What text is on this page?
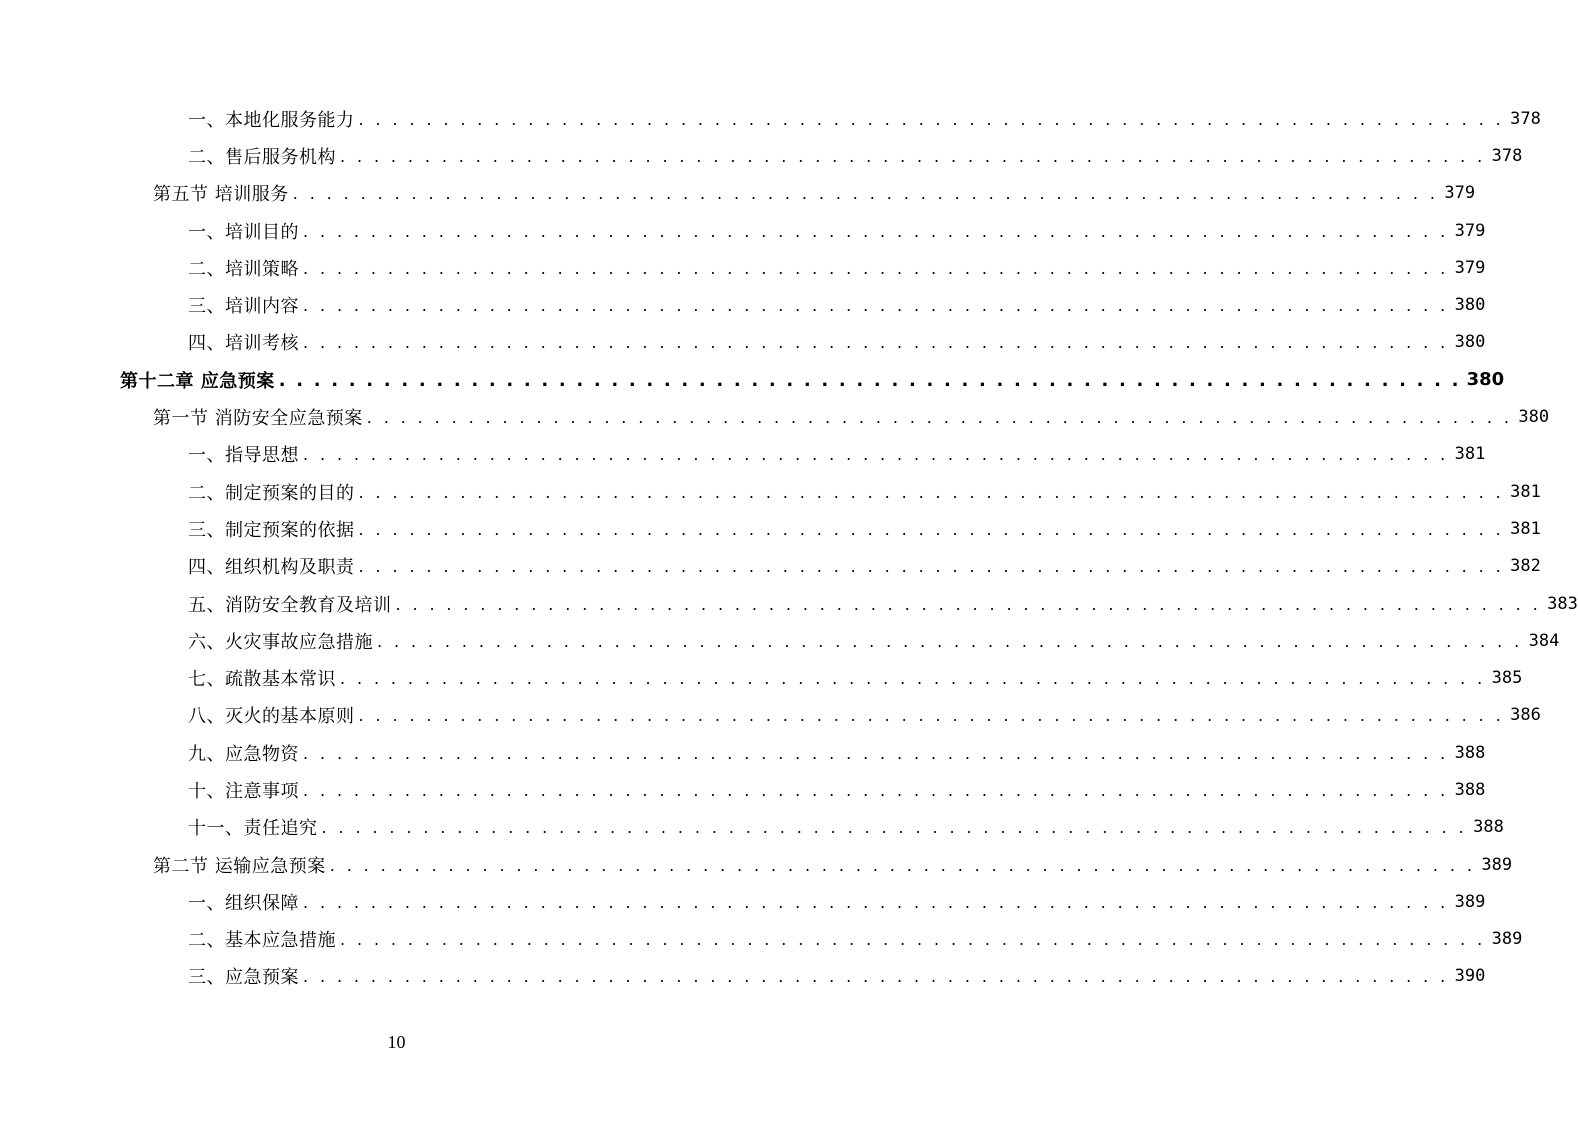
一、本地化服务能力 . . . . . . . . . . . . . . . . . . . . . . . . . . . . . . . . . . . . . . . . . . . . . . . . . . . . . . . . . . . . . . . . . . . . 378
二、售后服务机构 . . . . . . . . . . . . . . . . . . . . . . . . . . . . . . . . . . . . . . . . . . . . . . . . . . . . . . . . . . . . . . . . . . . . 378
第五节 培训服务 . . . . . . . . . . . . . . . . . . . . . . . . . . . . . . . . . . . . . . . . . . . . . . . . . . . . . . . . . . . . . . . . . . . . 379
一、培训目的 . . . . . . . . . . . . . . . . . . . . . . . . . . . . . . . . . . . . . . . . . . . . . . . . . . . . . . . . . . . . . . . . . . . . 379
二、培训策略 . . . . . . . . . . . . . . . . . . . . . . . . . . . . . . . . . . . . . . . . . . . . . . . . . . . . . . . . . . . . . . . . . . . . 379
三、培训内容 . . . . . . . . . . . . . . . . . . . . . . . . . . . . . . . . . . . . . . . . . . . . . . . . . . . . . . . . . . . . . . . . . . . . 380
四、培训考核 . . . . . . . . . . . . . . . . . . . . . . . . . . . . . . . . . . . . . . . . . . . . . . . . . . . . . . . . . . . . . . . . . . . . 380
第十二章 应急预案 . . . . . . . . . . . . . . . . . . . . . . . . . . . . . . . . . . . . . . . . . . . . . . . . . . . . . . . . . . . . . . . . . . . . 380
第一节 消防安全应急预案 . . . . . . . . . . . . . . . . . . . . . . . . . . . . . . . . . . . . . . . . . . . . . . . . . . . . . . . . . . . . . . . . . . . . 380
一、指导思想 . . . . . . . . . . . . . . . . . . . . . . . . . . . . . . . . . . . . . . . . . . . . . . . . . . . . . . . . . . . . . . . . . . . . 381
二、制定预案的目的 . . . . . . . . . . . . . . . . . . . . . . . . . . . . . . . . . . . . . . . . . . . . . . . . . . . . . . . . . . . . . . . . . . . . 381
三、制定预案的依据 . . . . . . . . . . . . . . . . . . . . . . . . . . . . . . . . . . . . . . . . . . . . . . . . . . . . . . . . . . . . . . . . . . . . 381
四、组织机构及职责 . . . . . . . . . . . . . . . . . . . . . . . . . . . . . . . . . . . . . . . . . . . . . . . . . . . . . . . . . . . . . . . . . . . . 382
五、消防安全教育及培训 . . . . . . . . . . . . . . . . . . . . . . . . . . . . . . . . . . . . . . . . . . . . . . . . . . . . . . . . . . . . . . . . . . . . 383
六、火灾事故应急措施 . . . . . . . . . . . . . . . . . . . . . . . . . . . . . . . . . . . . . . . . . . . . . . . . . . . . . . . . . . . . . . . . . . . . 384
七、疏散基本常识 . . . . . . . . . . . . . . . . . . . . . . . . . . . . . . . . . . . . . . . . . . . . . . . . . . . . . . . . . . . . . . . . . . . . 385
八、灭火的基本原则 . . . . . . . . . . . . . . . . . . . . . . . . . . . . . . . . . . . . . . . . . . . . . . . . . . . . . . . . . . . . . . . . . . . . 386
九、应急物资 . . . . . . . . . . . . . . . . . . . . . . . . . . . . . . . . . . . . . . . . . . . . . . . . . . . . . . . . . . . . . . . . . . . . 388
十、注意事项 . . . . . . . . . . . . . . . . . . . . . . . . . . . . . . . . . . . . . . . . . . . . . . . . . . . . . . . . . . . . . . . . . . . . 388
十一、责任追究 . . . . . . . . . . . . . . . . . . . . . . . . . . . . . . . . . . . . . . . . . . . . . . . . . . . . . . . . . . . . . . . . . . . . 388
第二节 运输应急预案 . . . . . . . . . . . . . . . . . . . . . . . . . . . . . . . . . . . . . . . . . . . . . . . . . . . . . . . . . . . . . . . . . . . . 389
一、组织保障 . . . . . . . . . . . . . . . . . . . . . . . . . . . . . . . . . . . . . . . . . . . . . . . . . . . . . . . . . . . . . . . . . . . . 389
二、基本应急措施 . . . . . . . . . . . . . . . . . . . . . . . . . . . . . . . . . . . . . . . . . . . . . . . . . . . . . . . . . . . . . . . . . . . . 389
三、应急预案 . . . . . . . . . . . . . . . . . . . . . . . . . . . . . . . . . . . . . . . . . . . . . . . . . . . . . . . . . . . . . . . . . . . . 390
10
